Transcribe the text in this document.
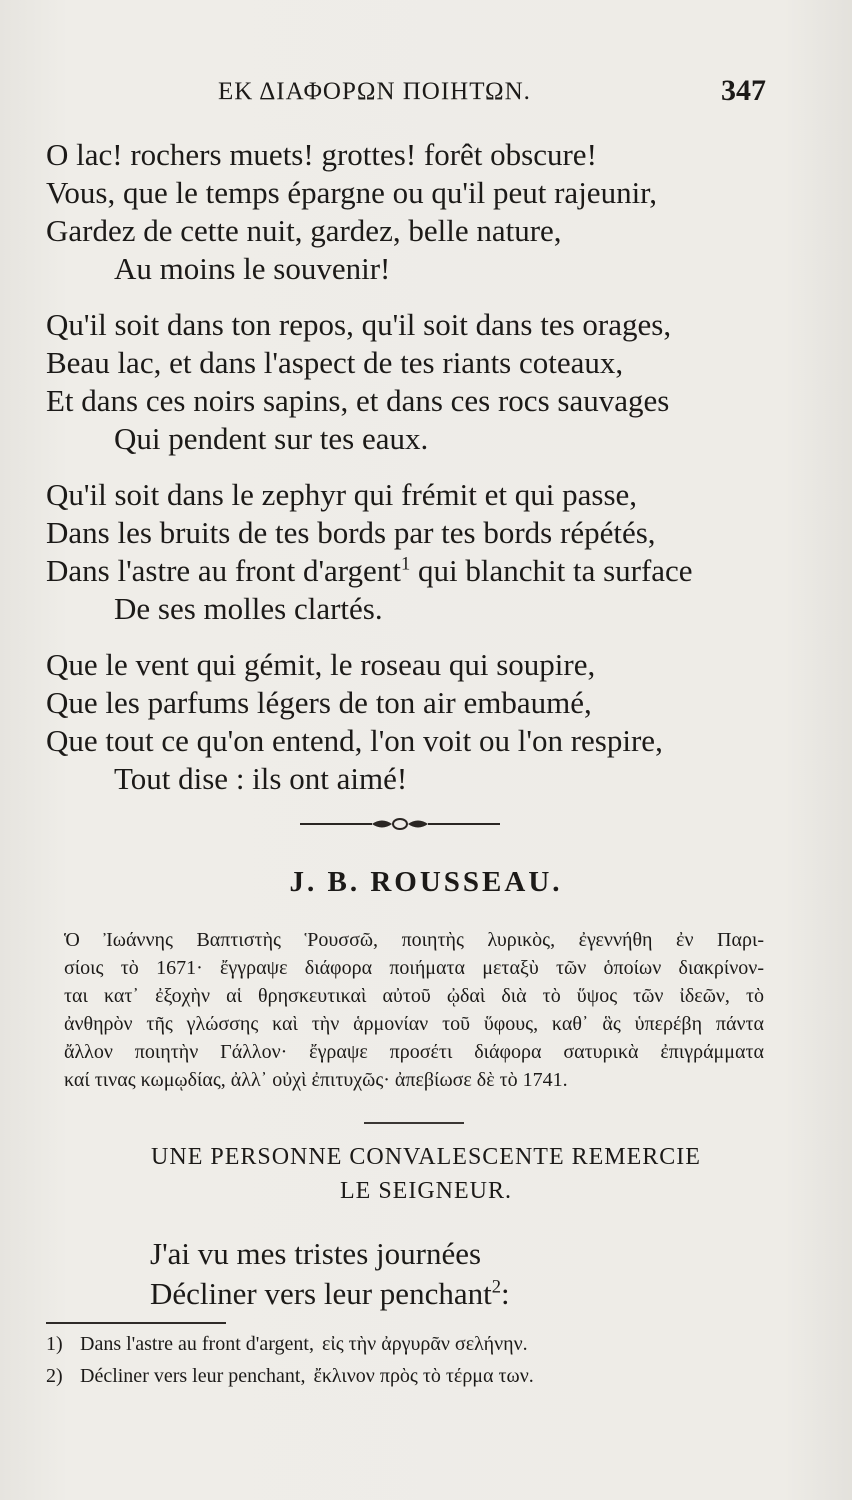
ΕΚ ΔΙΑΦΟΡΩΝ ΠΟΙΗΤΩΝ.	347
O lac! rochers muets! grottes! forêt obscure!
Vous, que le temps épargne ou qu'il peut rajeunir,
Gardez de cette nuit, gardez, belle nature,
Au moins le souvenir!
Qu'il soit dans ton repos, qu'il soit dans tes orages,
Beau lac, et dans l'aspect de tes riants coteaux,
Et dans ces noirs sapins, et dans ces rocs sauvages
Qui pendent sur tes eaux.
Qu'il soit dans le zephyr qui frémit et qui passe,
Dans les bruits de tes bords par tes bords répétés,
Dans l'astre au front d'argent$^1$ qui blanchit ta surface
De ses molles clartés.
Que le vent qui gémit, le roseau qui soupire,
Que les parfums légers de ton air embaumé,
Que tout ce qu'on entend, l'on voit ou l'on respire,
Tout dise : ils ont aimé!
J. B. ROUSSEAU.
Ὁ Ἰωάννης Βαπτιστὴς Ῥουσσῶ, ποιητὴς λυρικὸς, ἐγεννήθη ἐν Παρι-
σίοις τὸ 1671· ἔγγραψε διάφορα ποιήματα μεταξὺ τῶν ὁποίων διακρίνον-
ται κατ᾽ ἐξοχὴν αἱ θρησκευτικαὶ αὐτοῦ ᾠδαὶ διὰ τὸ ὕψος τῶν ἰδεῶν, τὸ
ἀνθηρὸν τῆς γλώσσης καὶ τὴν ἁρμονίαν τοῦ ὕφους, καθ᾽ ἃς ὑπερέβη πάντα
ἄλλον ποιητὴν Γάλλον· ἔγραψε προσέτι διάφορα σατυρικὰ ἐπιγράμματα
καί τινας κωμῳδίας, ἀλλ᾽ οὐχὶ ἐπιτυχῶς· ἀπεβίωσε δὲ τὸ 1741.
UNE PERSONNE CONVALESCENTE REMERCIE
LE SEIGNEUR.
J'ai vu mes tristes journées
Décliner vers leur penchant$^2$:
1) Dans l'astre au front d'argent, εἰς τὴν ἀργυρᾶν σελήνην.
2) Décliner vers leur penchant, ἔκλινον πρὸς τὸ τέρμα των.
